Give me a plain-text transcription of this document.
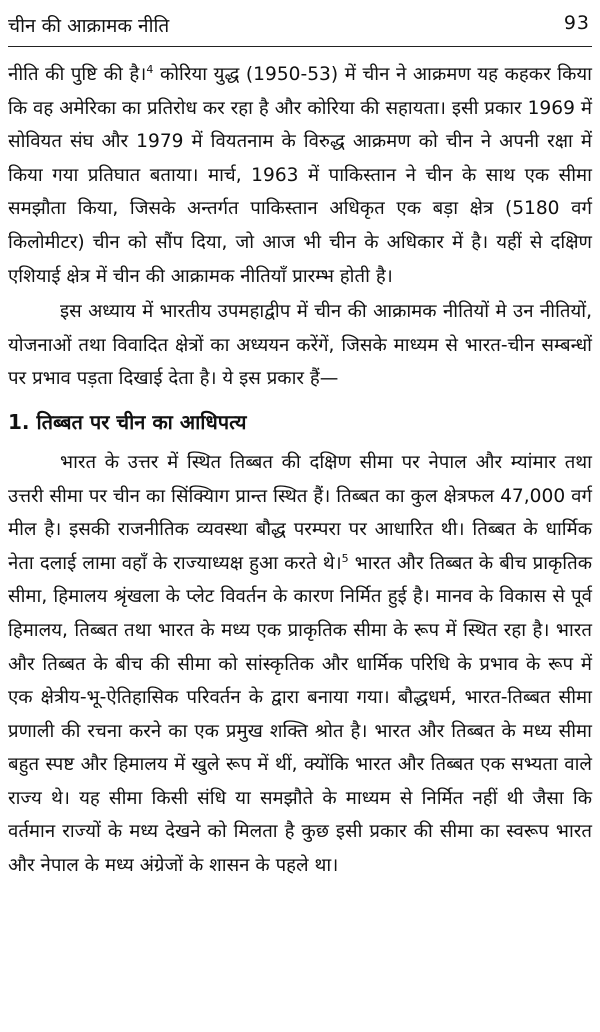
चीन की आक्रामक नीति	93

नीति की पुष्टि की है।$^4$ कोरिया युद्ध (1950-53) में चीन ने आक्रमण यह कहकर किया कि वह अमेरिका का प्रतिरोध कर रहा है और कोरिया की सहायता। इसी प्रकार 1969 में सोवियत संघ और 1979 में वियतनाम के विरुद्ध आक्रमण को चीन ने अपनी रक्षा में किया गया प्रतिघात बताया। मार्च, 1963 में पाकिस्तान ने चीन के साथ एक सीमा समझौता किया, जिसके अन्तर्गत पाकिस्तान अधिकृत एक बड़ा क्षेत्र (5180 वर्ग किलोमीटर) चीन को सौंप दिया, जो आज भी चीन के अधिकार में है। यहीं से दक्षिण एशियाई क्षेत्र में चीन की आक्रामक नीतियाँ प्रारम्भ होती है।

इस अध्याय में भारतीय उपमहाद्वीप में चीन की आक्रामक नीतियों मे उन नीतियों, योजनाओं तथा विवादित क्षेत्रों का अध्ययन करेंगें, जिसके माध्यम से भारत-चीन सम्बन्धों पर प्रभाव पड़ता दिखाई देता है। ये इस प्रकार हैं—

1. तिब्बत पर चीन का आधिपत्य

भारत के उत्तर में स्थित तिब्बत की दक्षिण सीमा पर नेपाल और म्यांमार तथा उत्तरी सीमा पर चीन का सिंक्यािग प्रान्त स्थित हैं। तिब्बत का कुल क्षेत्रफल 47,000 वर्ग मील है। इसकी राजनीतिक व्यवस्था बौद्ध परम्परा पर आधारित थी। तिब्बत के धार्मिक नेता दलाई लामा वहाँ के राज्याध्यक्ष हुआ करते थे।$^5$ भारत और तिब्बत के बीच प्राकृतिक सीमा, हिमालय श्रृंखला के प्लेट विवर्तन के कारण निर्मित हुई है। मानव के विकास से पूर्व हिमालय, तिब्बत तथा भारत के मध्य एक प्राकृतिक सीमा के रूप में स्थित रहा है। भारत और तिब्बत के बीच की सीमा को सांस्कृतिक और धार्मिक परिधि के प्रभाव के रूप में एक क्षेत्रीय-भू-ऐतिहासिक परिवर्तन के द्वारा बनाया गया। बौद्धधर्म, भारत-तिब्बत सीमा प्रणाली की रचना करने का एक प्रमुख शक्ति श्रोत है। भारत और तिब्बत के मध्य सीमा बहुत स्पष्ट और हिमालय में खुले रूप में थीं, क्योंकि भारत और तिब्बत एक सभ्यता वाले राज्य थे। यह सीमा किसी संधि या समझौते के माध्यम से निर्मित नहीं थी जैसा कि वर्तमान राज्यों के मध्य देखने को मिलता है कुछ इसी प्रकार की सीमा का स्वरूप भारत और नेपाल के मध्य अंग्रेजों के शासन के पहले था।
